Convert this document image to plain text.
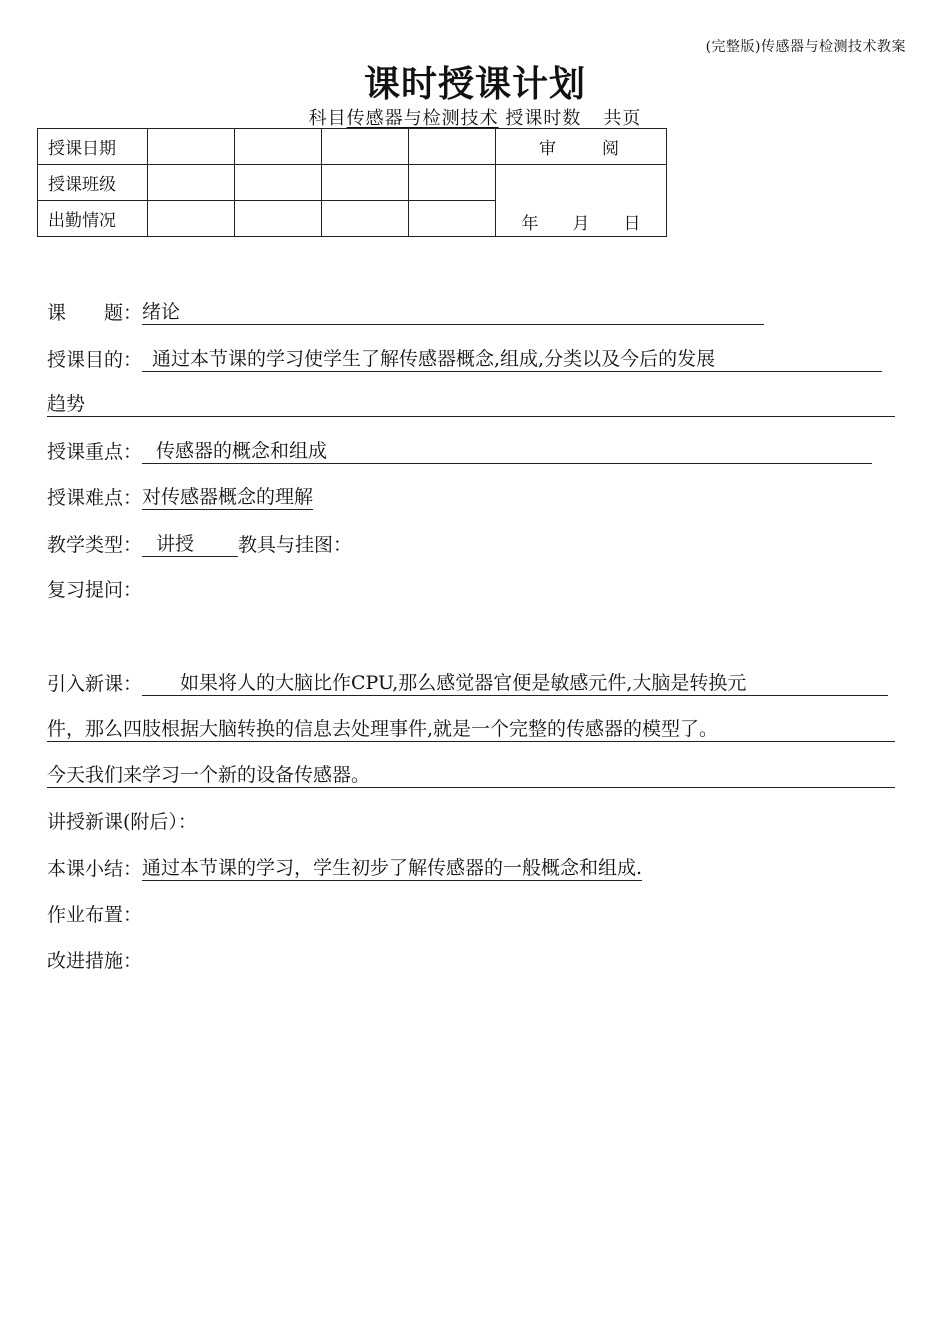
(完整版)传感器与检测技术教案
课时授课计划
科目传感器与检测技术 授课时数 共页
授课日期					审　　阅
授课班级					年　　月　　日
出勤情况					
课　　题：绪论
授课目的： 通过本节课的学习使学生了解传感器概念,组成,分类以及今后的发展
趋势
授课重点： 传感器的概念和组成
授课难点：对传感器概念的理解
教学类型： 讲授 教具与挂图：
复习提问：
引入新课： 如果将人的大脑比作CPU,那么感觉器官便是敏感元件,大脑是转换元
件，那么四肢根据大脑转换的信息去处理事件,就是一个完整的传感器的模型了。
今天我们来学习一个新的设备传感器。
讲授新课(附后）：
本课小结：通过本节课的学习，学生初步了解传感器的一般概念和组成.
作业布置：
改进措施：
